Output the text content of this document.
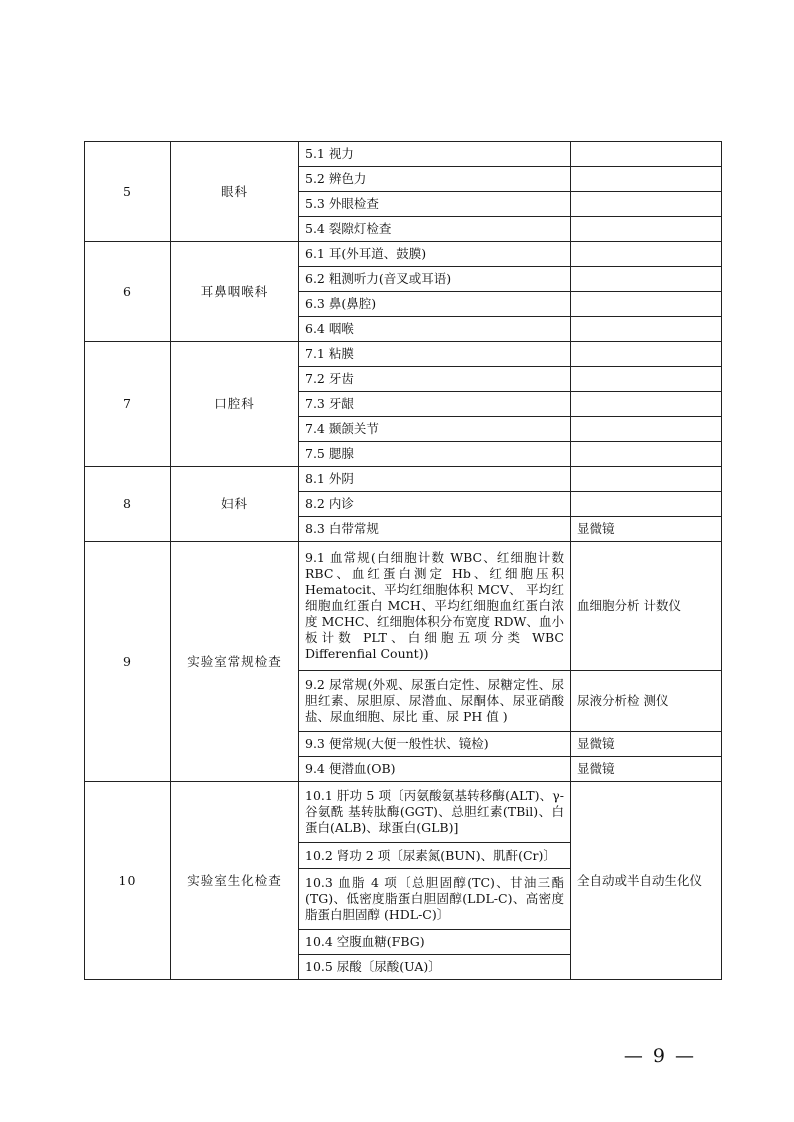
5	眼科	5.1 视力	
		5.2 辨色力	
		5.3 外眼检查	
		5.4 裂隙灯检查	
6	耳鼻咽喉科	6.1 耳(外耳道、鼓膜)	
		6.2 粗测听力(音叉或耳语)	
		6.3 鼻(鼻腔)	
		6.4 咽喉	
7	口腔科	7.1 粘膜	
		7.2 牙齿	
		7.3 牙龈	
		7.4 颞颌关节	
		7.5 腮腺	
8	妇科	8.1 外阴	
		8.2 内诊	
		8.3 白带常规	显微镜
9	实验室常规检查	9.1 血常规(白细胞计数 WBC、红细胞计数 RBC、血红蛋白测定 Hb、红细胞压积 Hematocit、平均红细胞体积 MCV、 平均红细胞血红蛋白 MCH、平均红细胞血红蛋白浓度 MCHC、红细胞体积分布宽度 RDW、血小板计数 PLT、白细胞五项分类 WBC Differenfial Count))	血细胞分析 计数仪
		9.2 尿常规(外观、尿蛋白定性、尿糖定性、尿胆红素、尿胆原、尿潜血、尿酮体、尿亚硝酸盐、尿血细胞、尿比 重、尿 PH 值 )	尿液分析检 测仪
		9.3 便常规(大便一般性状、镜检)	显微镜
		9.4 便潜血(OB)	显微镜
10	实验室生化检查	10.1 肝功 5 项〔丙氨酸氨基转移酶(ALT)、γ-谷氨酰 基转肽酶(GGT)、总胆红素(TBil)、白蛋白(ALB)、球蛋白(GLB)]	全自动或半自动生化仪
		10.2 肾功 2 项〔尿素氮(BUN)、肌酐(Cr)〕	
		10.3 血脂 4 项〔总胆固醇(TC)、甘油三酯(TG)、低密度脂蛋白胆固醇(LDL-C)、高密度脂蛋白胆固醇 (HDL-C)〕	
		10.4 空腹血糖(FBG)	
		10.5 尿酸〔尿酸(UA)〕	
— 9 —
